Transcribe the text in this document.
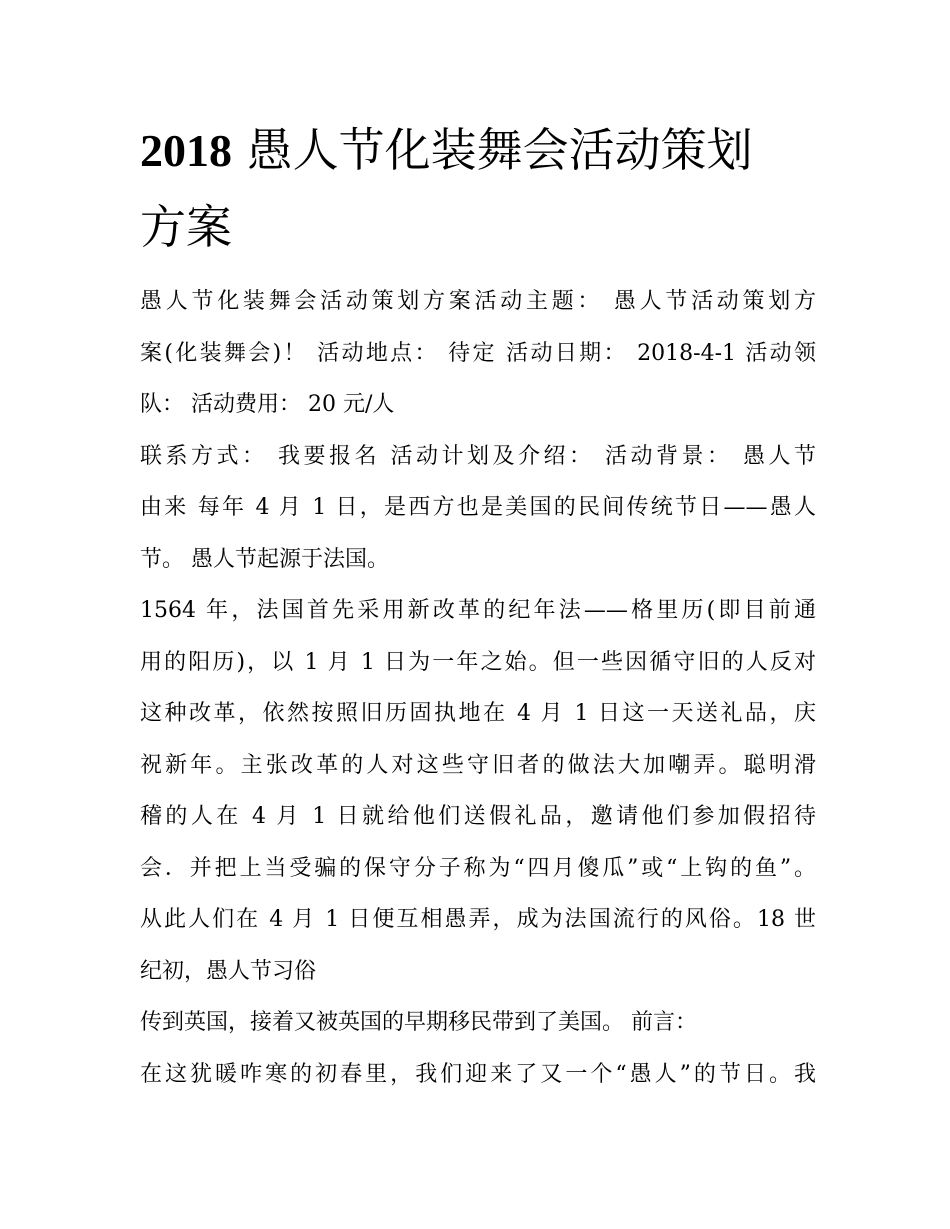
2018 愚人节化装舞会活动策划
方案
愚人节化装舞会活动策划方案活动主题： 愚人节活动策划方
案(化装舞会)！ 活动地点： 待定 活动日期： 2018-4-1 活动领
队： 活动费用： 20 元/人
联系方式： 我要报名 活动计划及介绍： 活动背景： 愚人节
由来 每年 4 月 1 日，是西方也是美国的民间传统节日——愚人
节。 愚人节起源于法国。
1564 年，法国首先采用新改革的纪年法——格里历(即目前通
用的阳历)，以 1 月 1 日为一年之始。但一些因循守旧的人反对
这种改革，依然按照旧历固执地在 4 月 1 日这一天送礼品，庆
祝新年。主张改革的人对这些守旧者的做法大加嘲弄。聪明滑
稽的人在 4 月 1 日就给他们送假礼品，邀请他们参加假招待
会．并把上当受骗的保守分子称为“四月傻瓜”或“上钩的鱼”。
从此人们在 4 月 1 日便互相愚弄，成为法国流行的风俗。18 世
纪初，愚人节习俗
传到英国，接着又被英国的早期移民带到了美国。 前言：
在这犹暖咋寒的初春里，我们迎来了又一个“愚人”的节日。我
